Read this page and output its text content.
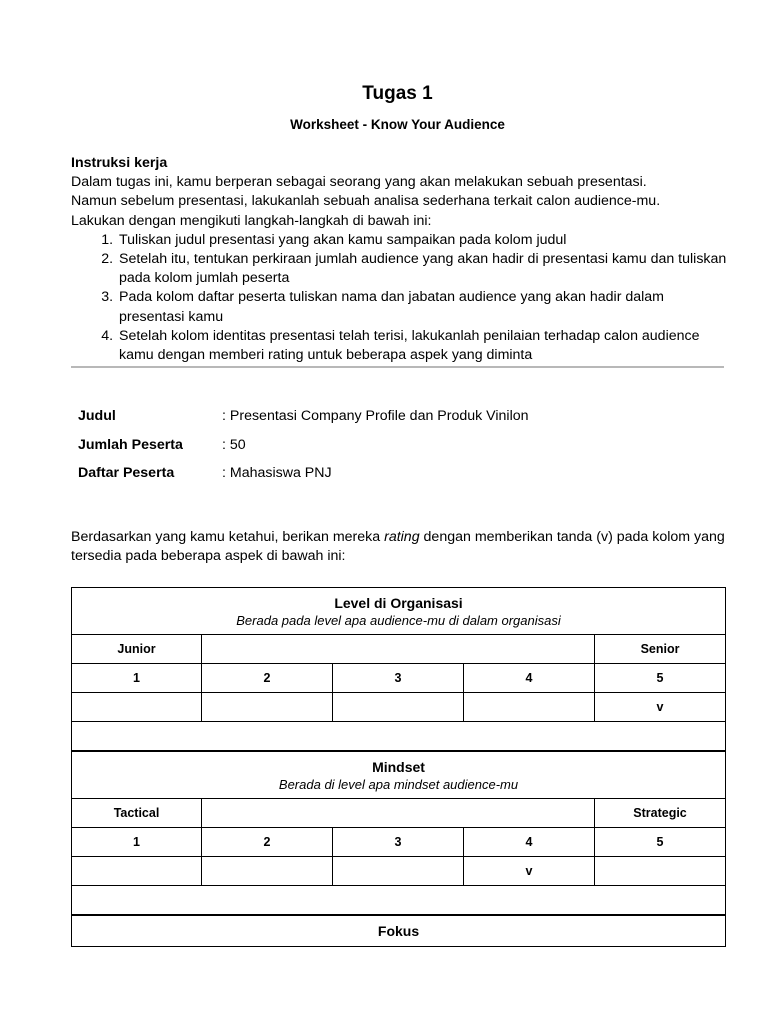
Tugas 1
Worksheet - Know Your Audience

Instruksi kerja

Dalam tugas ini, kamu berperan sebagai seorang yang akan melakukan sebuah presentasi.

Namun sebelum presentasi, lakukanlah sebuah analisa sederhana terkait calon audience-mu.

Lakukan dengan mengikuti langkah-langkah di bawah ini:

1. Tuliskan judul presentasi yang akan kamu sampaikan pada kolom judul
2. Setelah itu, tentukan perkiraan jumlah audience yang akan hadir di presentasi kamu dan tuliskan pada kolom jumlah peserta
3. Pada kolom daftar peserta tuliskan nama dan jabatan audience yang akan hadir dalam presentasi kamu
4. Setelah kolom identitas presentasi telah terisi, lakukanlah penilaian terhadap calon audience kamu dengan memberi rating untuk beberapa aspek yang diminta
Judul	: Presentasi Company Profile dan Produk Vinilon
Jumlah Peserta	: 50
Daftar Peserta	: Mahasiswa PNJ
Berdasarkan yang kamu ketahui, berikan mereka rating dengan memberikan tanda (v) pada kolom yang tersedia pada beberapa aspek di bawah ini:
Level di Organisasi
Berada pada level apa audience-mu di dalam organisasi				

Junior				Senior
1	2	3	4	5
				v

Mindset
Berada di level apa mindset audience-mu				

Tactical				Strategic
1	2	3	4	5
			v	

Fokus				
